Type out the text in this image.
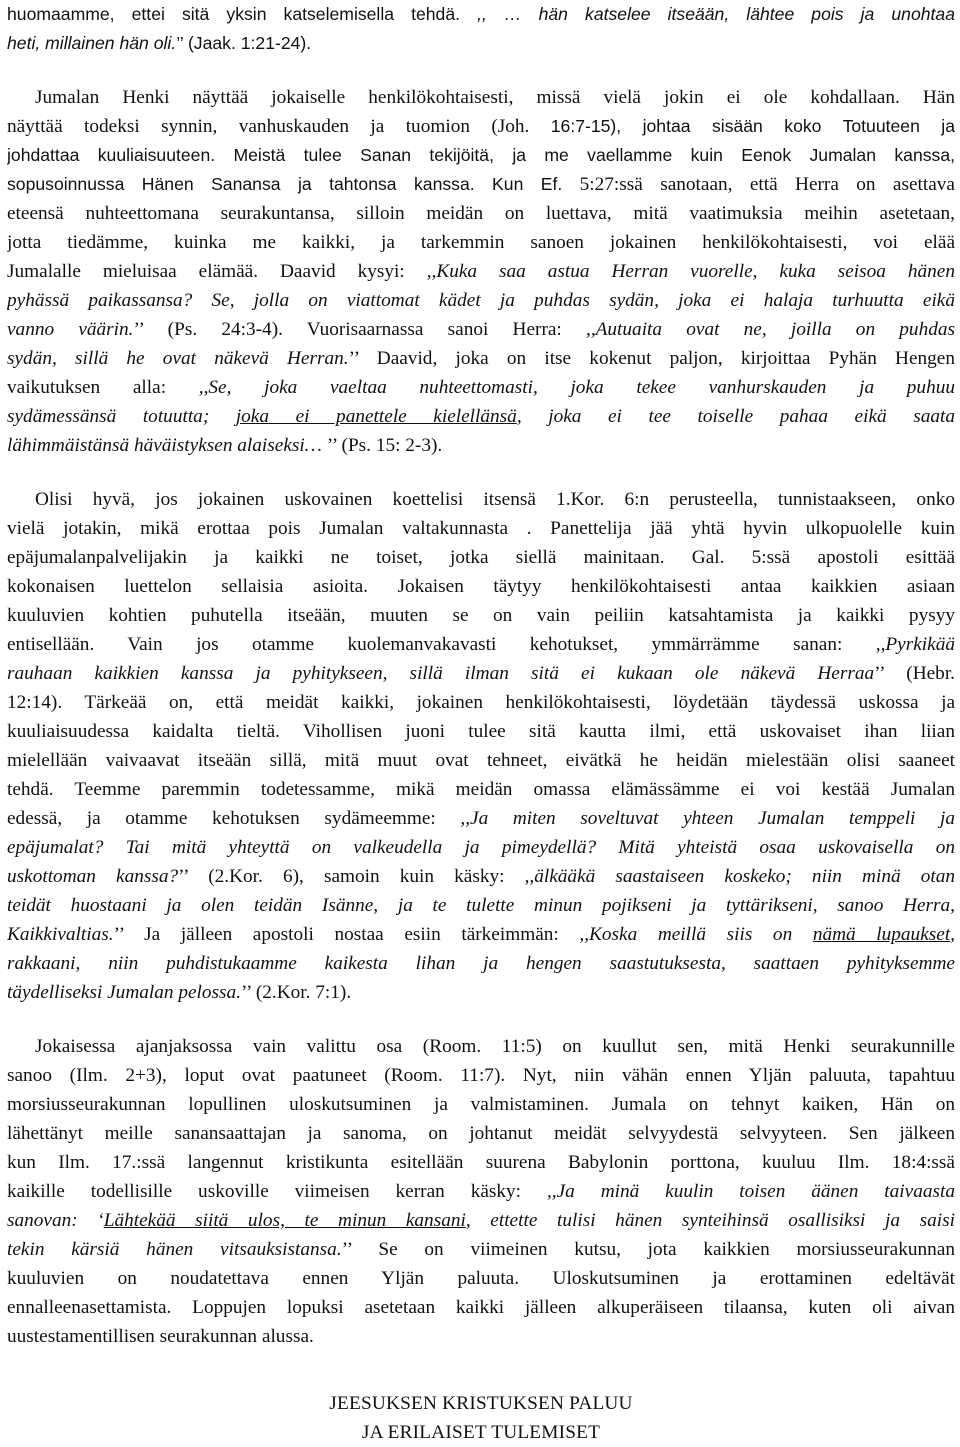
huomaamme, ettei sitä yksin katselemisella tehdä. ,, … hän katselee itseään, lähtee pois ja unohtaa
heti, millainen hän oli.’’ (Jaak. 1:21-24).
Jumalan Henki näyttää jokaiselle henkilökohtaisesti, missä vielä jokin ei ole kohdallaan. Hän
näyttää todeksi synnin, vanhuskauden ja tuomion (Joh. 16:7-15), johtaa sisään koko Totuuteen ja
johdattaa kuuliaisuuteen. Meistä tulee Sanan tekijöitä, ja me vaellamme kuin Eenok Jumalan kanssa,
sopusoinnussa Hänen Sanansa ja tahtonsa kanssa. Kun Ef. 5:27:ssä sanotaan, että Herra on asettava
eteensä nuhteettomana seurakuntansa, silloin meidän on luettava, mitä vaatimuksia meihin asetetaan,
jotta tiedämme, kuinka me kaikki, ja tarkemmin sanoen jokainen henkilökohtaisesti, voi elää
Jumalalle mieluisaa elämää. Daavid kysyi: ,,Kuka saa astua Herran vuorelle, kuka seisoa hänen
pyhässä paikassansa? Se, jolla on viattomat kädet ja puhdas sydän, joka ei halaja turhuutta eikä
vanno väärin.’’ (Ps. 24:3-4). Vuorisaarnassa sanoi Herra: ,,Autuaita ovat ne, joilla on puhdas
sydän, sillä he ovat näkevä Herran.’’ Daavid, joka on itse kokenut paljon, kirjoittaa Pyhän Hengen
vaikutuksen alla: ,,Se, joka vaeltaa nuhteettomasti, joka tekee vanhurskauden ja puhuu
sydämessänsä totuutta; joka ei panettele kielellänsä, joka ei tee toiselle pahaa eikä saata
lähimmäistänsä häväistyksen alaiseksi… ’’ (Ps. 15: 2-3).
Olisi hyvä, jos jokainen uskovainen koettelisi itsensä 1.Kor. 6:n perusteella, tunnistaakseen, onko
vielä jotakin, mikä erottaa pois Jumalan valtakunnasta . Panettelija jää yhtä hyvin ulkopuolelle kuin
epäjumalanpalvelijakin ja kaikki ne toiset, jotka siellä mainitaan. Gal. 5:ssä apostoli esittää
kokonaisen luettelon sellaisia asioita. Jokaisen täytyy henkilökohtaisesti antaa kaikkien asiaan
kuuluvien kohtien puhutella itseään, muuten se on vain peiliin katsahtamista ja kaikki pysyy
entisellään. Vain jos otamme kuolemanvakavasti kehotukset, ymmärrämme sanan: ,,Pyrkikää
rauhaan kaikkien kanssa ja pyhitykseen, sillä ilman sitä ei kukaan ole näkevä Herraa’’ (Hebr.
12:14). Tärkeää on, että meidät kaikki, jokainen henkilökohtaisesti, löydetään täydessä uskossa ja
kuuliaisuudessa kaidalta tieltä. Vihollisen juoni tulee sitä kautta ilmi, että uskovaiset ihan liian
mielellään vaivaavat itseään sillä, mitä muut ovat tehneet, eivätkä he heidän mielestään olisi saaneet
tehdä. Teemme paremmin todetessamme, mikä meidän omassa elämässämme ei voi kestää Jumalan
edessä, ja otamme kehotuksen sydämeemme: ,,Ja miten soveltuvat yhteen Jumalan temppeli ja
epäjumalat? Tai mitä yhteyttä on valkeudella ja pimeydellä? Mitä yhteistä osaa uskovaisella on
uskottoman kanssa?’’ (2.Kor. 6), samoin kuin käsky: ,,älkääkä saastaiseen koskeko; niin minä otan
teidät huostaani ja olen teidän Isänne, ja te tulette minun pojikseni ja tyttärikseni, sanoo Herra,
Kaikkivaltias.’’ Ja jälleen apostoli nostaa esiin tärkeimmän: ,,Koska meillä siis on nämä lupaukset,
rakkaani, niin puhdistukaamme kaikesta lihan ja hengen saastutuksesta, saattaen pyhityksemme
täydelliseksi Jumalan pelossa.’’ (2.Kor. 7:1).
Jokaisessa ajanjaksossa vain valittu osa (Room. 11:5) on kuullut sen, mitä Henki seurakunnille
sanoo (Ilm. 2+3), loput ovat paatuneet (Room. 11:7). Nyt, niin vähän ennen Yljän paluuta, tapahtuu
morsiusseurakunnan lopullinen uloskutsuminen ja valmistaminen. Jumala on tehnyt kaiken, Hän on
lähettänyt meille sanansaattajan ja sanoma, on johtanut meidät selvyydestä selvyyteen. Sen jälkeen
kun Ilm. 17.:ssä langennut kristikunta esitellään suurena Babylonin porttona, kuuluu Ilm. 18:4:ssä
kaikille todellisille uskoville viimeisen kerran käsky: ,,Ja minä kuulin toisen äänen taivaasta
sanovan: ‘Lähtekää siitä ulos, te minun kansani, ettette tulisi hänen synteihinsä osallisiksi ja saisi
tekin kärsiä hänen vitsauksistansa.’’ Se on viimeinen kutsu, jota kaikkien morsiusseurakunnan
kuuluvien on noudatettava ennen Yljän paluuta. Uloskutsuminen ja erottaminen edeltävät
ennalleenasettamista. Loppujen lopuksi asetetaan kaikki jälleen alkuperäiseen tilaansa, kuten oli aivan
uustestamentillisen seurakunnan alussa.
JEESUKSEN KRISTUKSEN PALUU
JA ERILAISET TULEMISET
